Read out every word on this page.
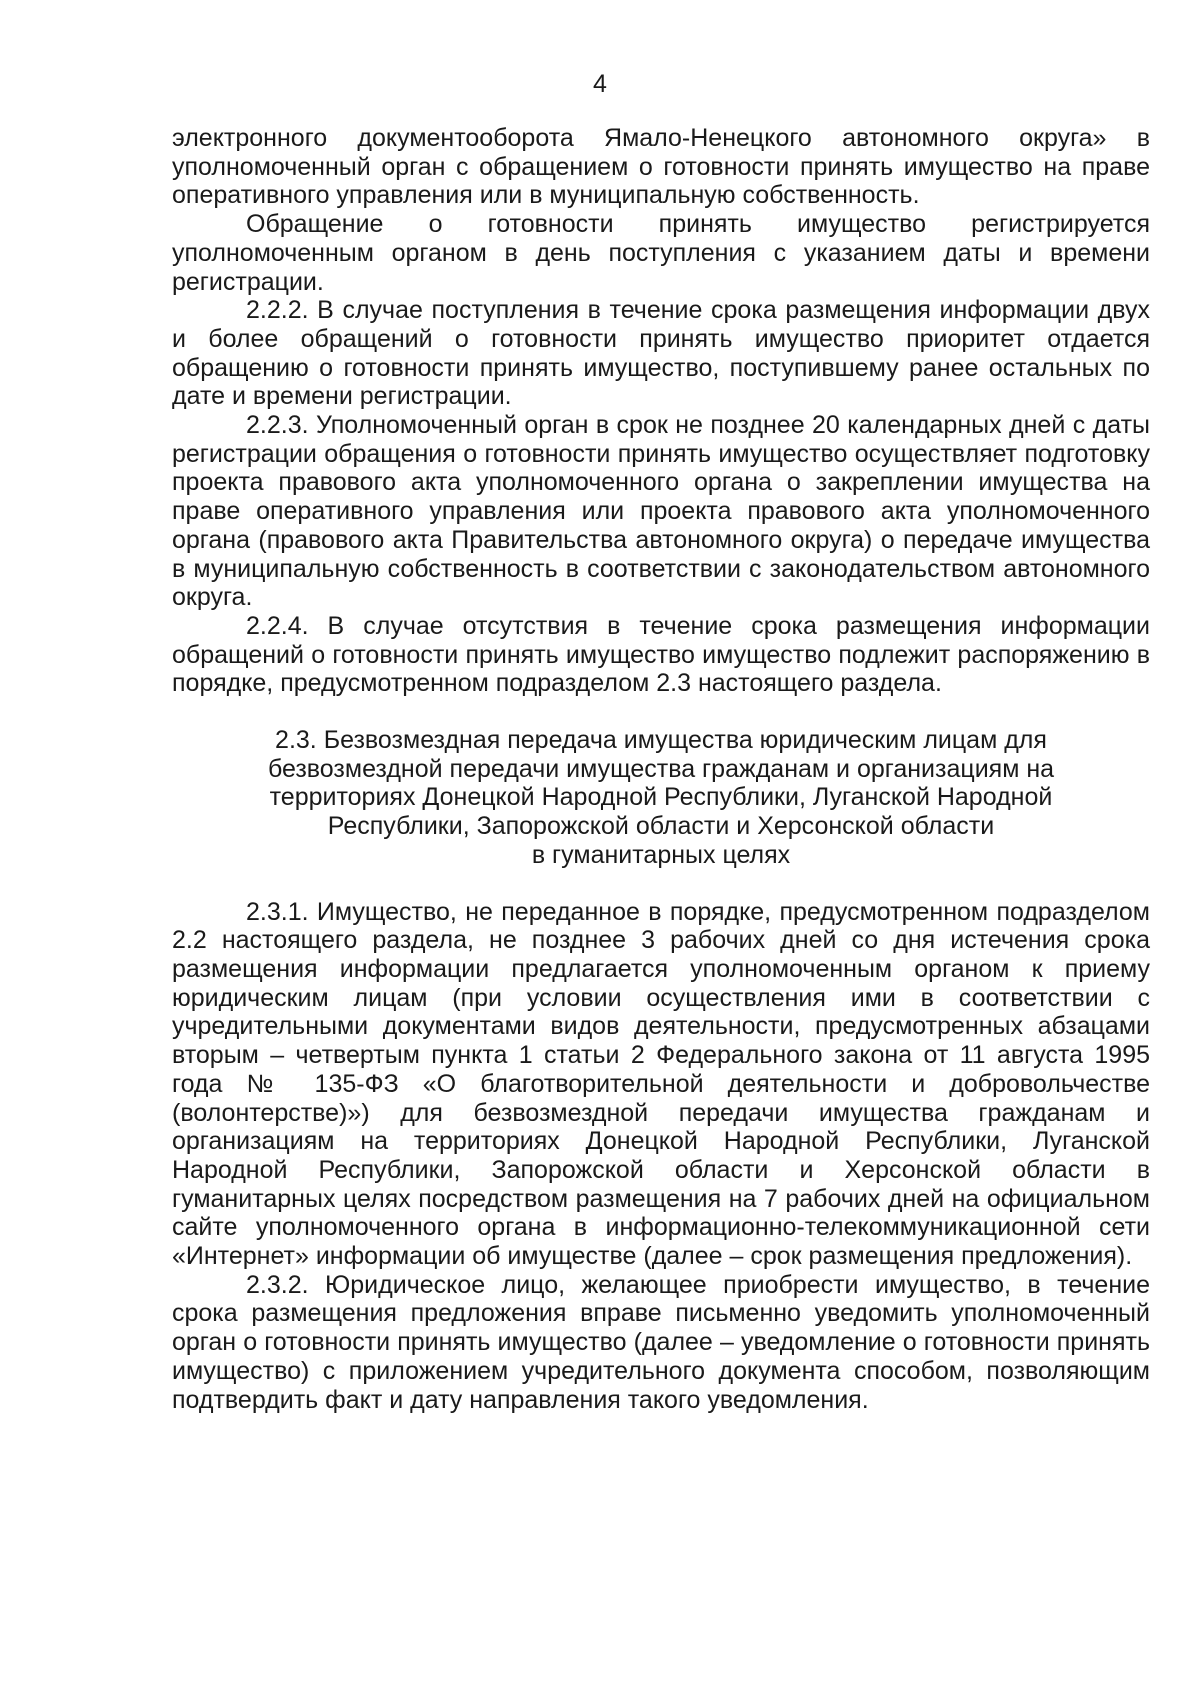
4

электронного документооборота Ямало-Ненецкого автономного округа» в уполномоченный орган с обращением о готовности принять имущество на праве оперативного управления или в муниципальную собственность.

Обращение о готовности принять имущество регистрируется уполномоченным органом в день поступления с указанием даты и времени регистрации.

2.2.2. В случае поступления в течение срока размещения информации двух и более обращений о готовности принять имущество приоритет отдается обращению о готовности принять имущество, поступившему ранее остальных по дате и времени регистрации.

2.2.3. Уполномоченный орган в срок не позднее 20 календарных дней с даты регистрации обращения о готовности принять имущество осуществляет подготовку проекта правового акта уполномоченного органа о закреплении имущества на праве оперативного управления или проекта правового акта уполномоченного органа (правового акта Правительства автономного округа) о передаче имущества в муниципальную собственность в соответствии с законодательством автономного округа.

2.2.4. В случае отсутствия в течение срока размещения информации обращений о готовности принять имущество имущество подлежит распоряжению в порядке, предусмотренном подразделом 2.3 настоящего раздела.

2.3. Безвозмездная передача имущества юридическим лицам для
безвозмездной передачи имущества гражданам и организациям на
территориях Донецкой Народной Республики, Луганской Народной
Республики, Запорожской области и Херсонской области
в гуманитарных целях

2.3.1. Имущество, не переданное в порядке, предусмотренном подразделом 2.2 настоящего раздела, не позднее 3 рабочих дней со дня истечения срока размещения информации предлагается уполномоченным органом к приему юридическим лицам (при условии осуществления ими в соответствии с учредительными документами видов деятельности, предусмотренных абзацами вторым – четвертым пункта 1 статьи 2 Федерального закона от 11 августа 1995 года № 135-ФЗ «О благотворительной деятельности и добровольчестве (волонтерстве)») для безвозмездной передачи имущества гражданам и организациям на территориях Донецкой Народной Республики, Луганской Народной Республики, Запорожской области и Херсонской области в гуманитарных целях посредством размещения на 7 рабочих дней на официальном сайте уполномоченного органа в информационно-телекоммуникационной сети «Интернет» информации об имуществе (далее – срок размещения предложения).

2.3.2. Юридическое лицо, желающее приобрести имущество, в течение срока размещения предложения вправе письменно уведомить уполномоченный орган о готовности принять имущество (далее – уведомление о готовности принять имущество) с приложением учредительного документа способом, позволяющим подтвердить факт и дату направления такого уведомления.
